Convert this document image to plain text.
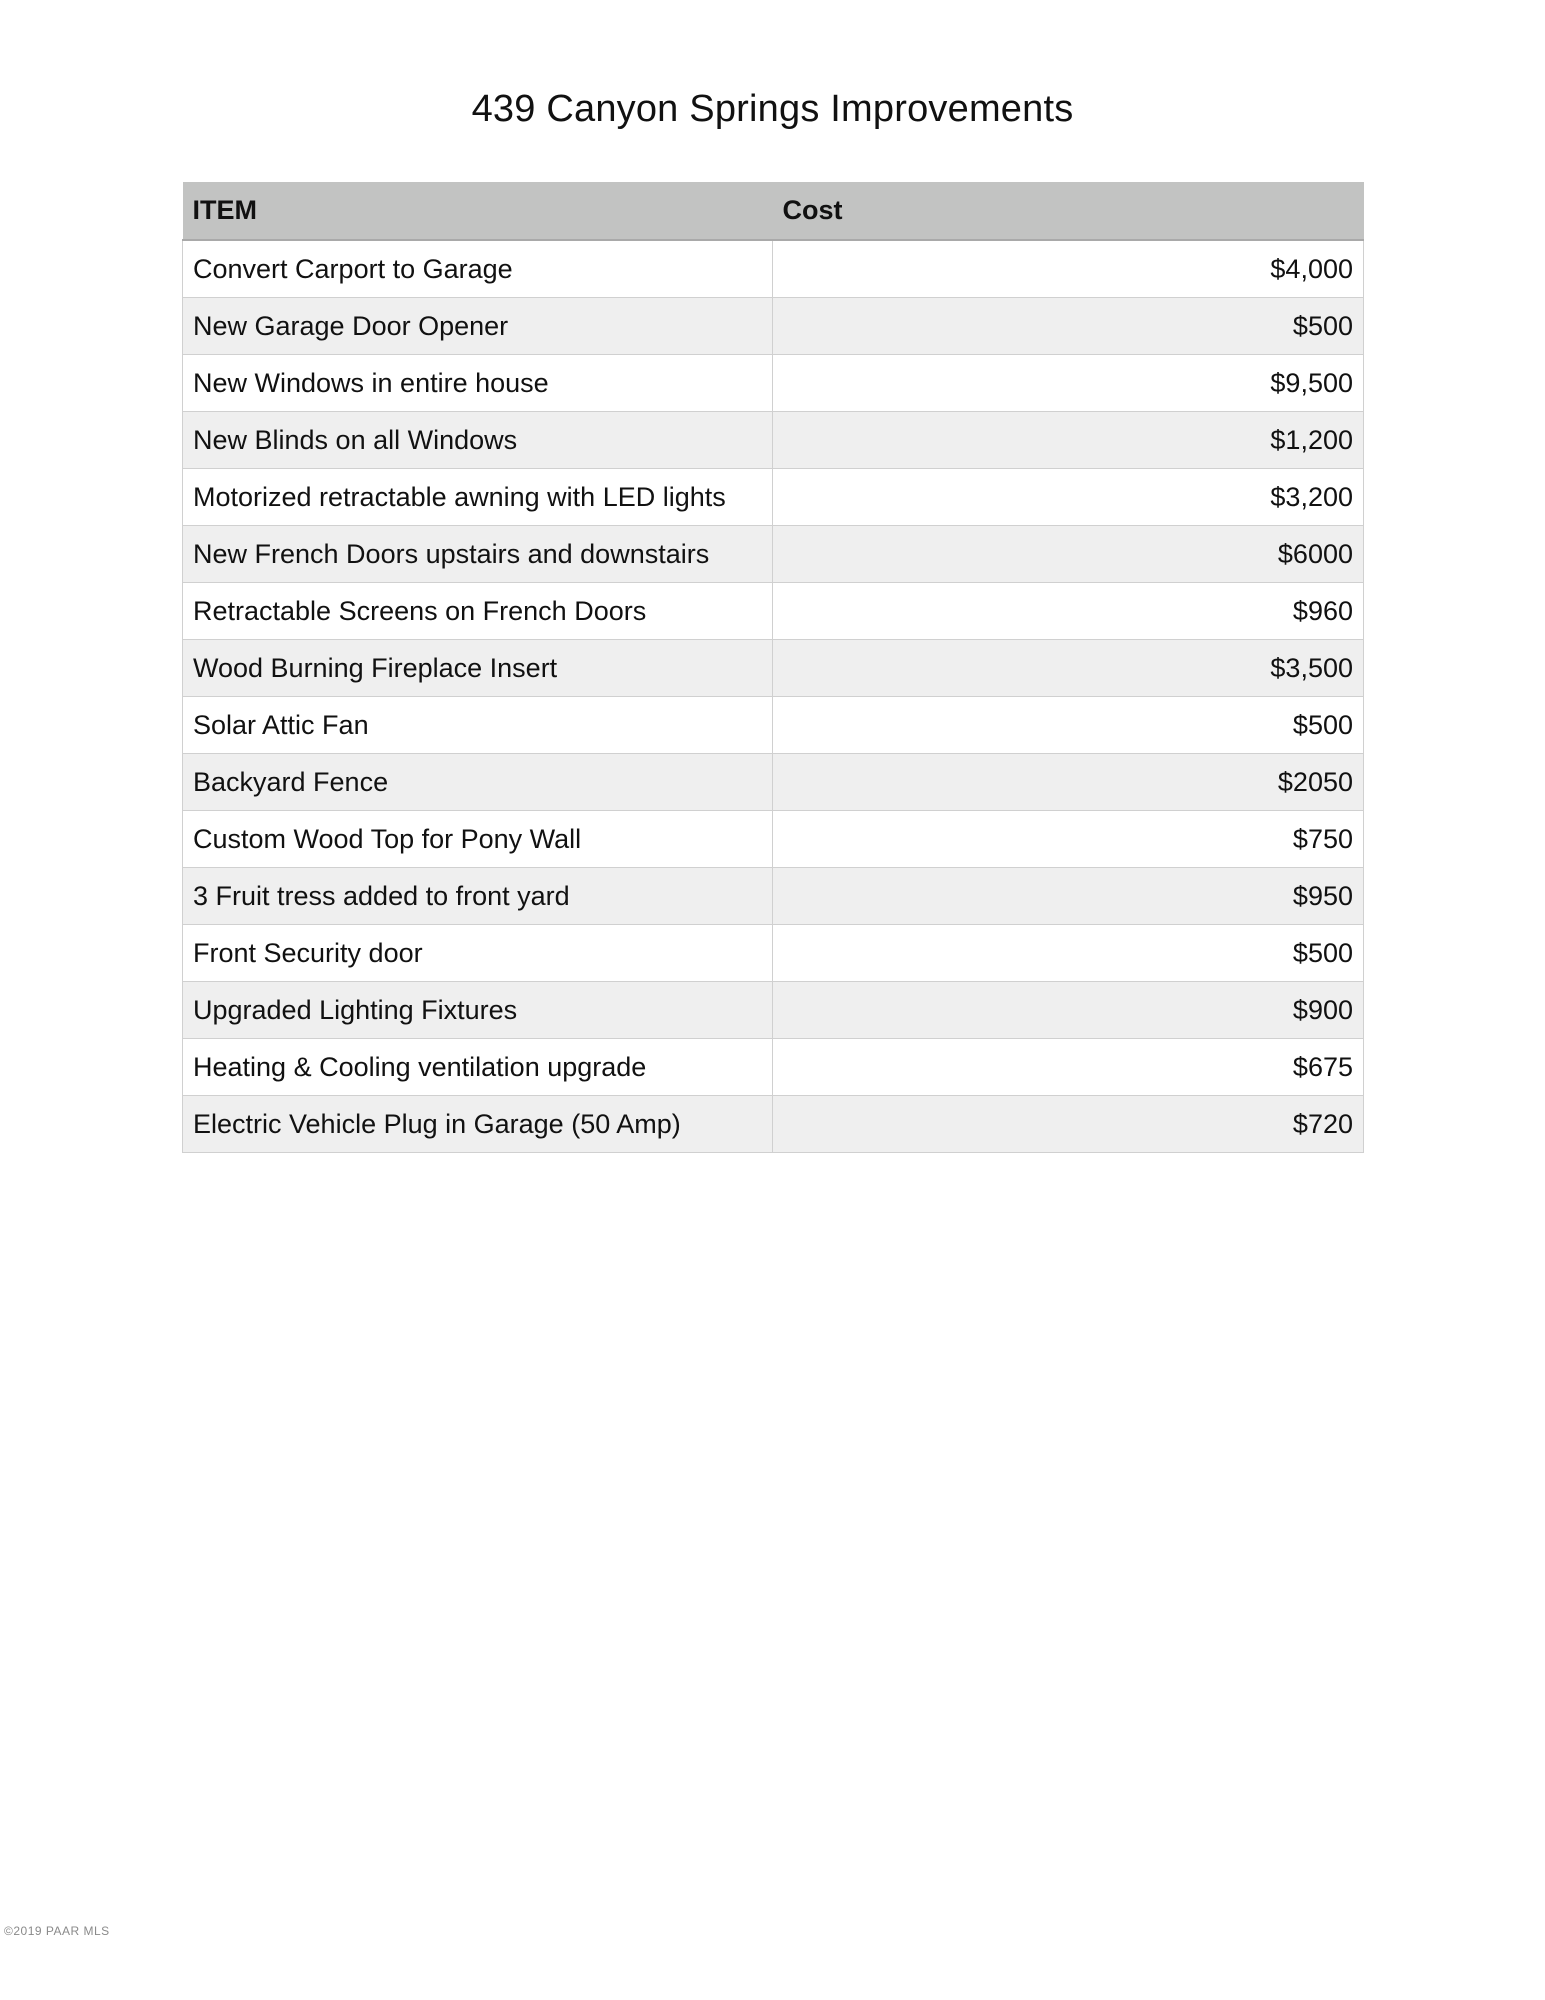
439 Canyon Springs Improvements
ITEM	Cost
Convert Carport to Garage	$4,000
New Garage Door Opener	$500
New Windows in entire house	$9,500
New Blinds on all Windows	$1,200
Motorized retractable awning with LED lights	$3,200
New French Doors upstairs and downstairs	$6000
Retractable Screens on French Doors	$960
Wood Burning Fireplace Insert	$3,500
Solar Attic Fan	$500
Backyard Fence	$2050
Custom Wood Top for Pony Wall	$750
3 Fruit tress added to front yard	$950
Front Security door	$500
Upgraded Lighting Fixtures	$900
Heating & Cooling ventilation upgrade	$675
Electric Vehicle Plug in Garage (50 Amp)	$720
©2019 PAAR MLS
